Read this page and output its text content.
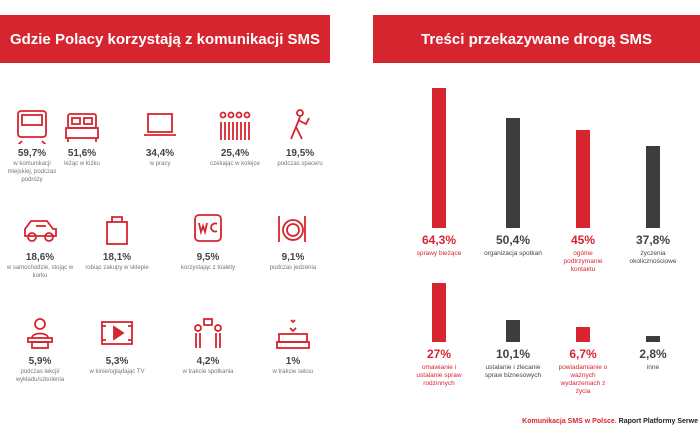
Gdzie Polacy korzystają z komunikacji SMS	Treści przekazywane drogą SMS
59,7%
w komunikacji miejskiej, podczas podróży
51,6%
leżąc w łóżku
34,4%
w pracy
25,4%
czekając w kolejce
19,5%
podczas spaceru
18,6%
w samochodzie, stojąc w korku
18,1%
robiąc zakupy w sklepie
9,5%
korzystając z toalety
9,1%
podczas jedzenia
5,9%
podczas lekcji/ wykładu/szkolenia
5,3%
w kinie/oglądając TV
4,2%
w trakcie spotkania
1%
w trakcie seksu
64,3%
sprawy bieżące
50,4%
organizacja spotkań
45%
ogólne podtrzymanie kontaktu
37,8%
życzenia okolicznościowe
27%
omawianie i ustalanie spraw rodzinnych
10,1%
ustalanie i zlecanie spraw biznesowych
6,7%
powiadamianie o ważnych wydarzeniach z życia
2,8%
inne
Komunikacja SMS w Polsce. Raport Platformy Serwe
